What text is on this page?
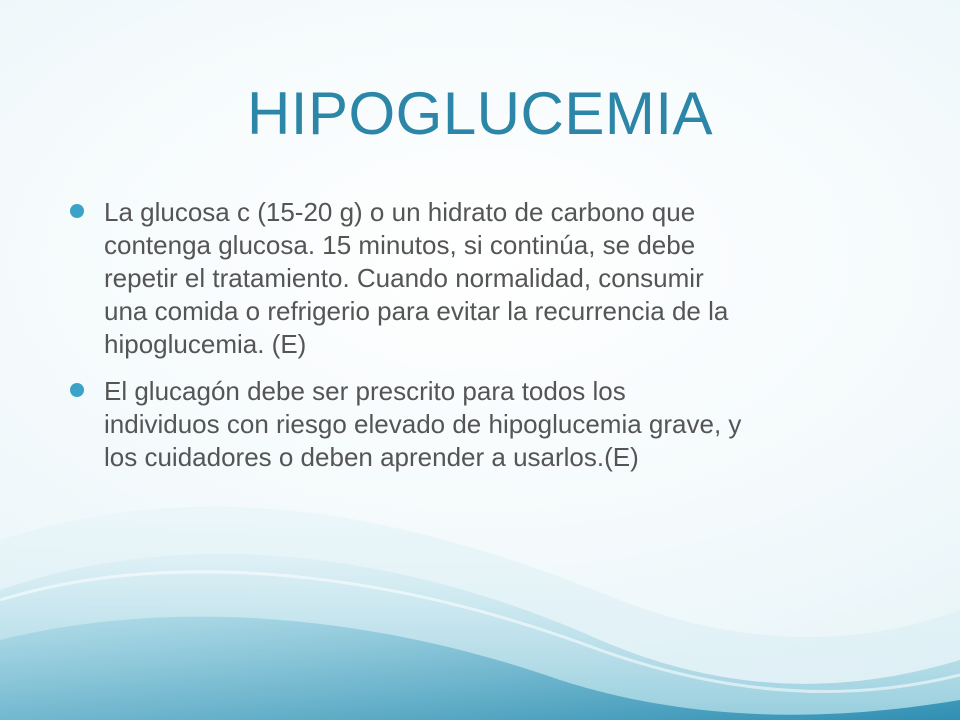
HIPOGLUCEMIA
La glucosa c (15-20 g) o un hidrato de carbono que
contenga glucosa. 15 minutos, si continúa, se debe
repetir el tratamiento. Cuando normalidad, consumir
una comida o refrigerio para evitar la recurrencia de la
hipoglucemia. (E)
El glucagón debe ser prescrito para todos los
individuos con riesgo elevado de hipoglucemia grave, y
los cuidadores o deben aprender a usarlos.(E)
